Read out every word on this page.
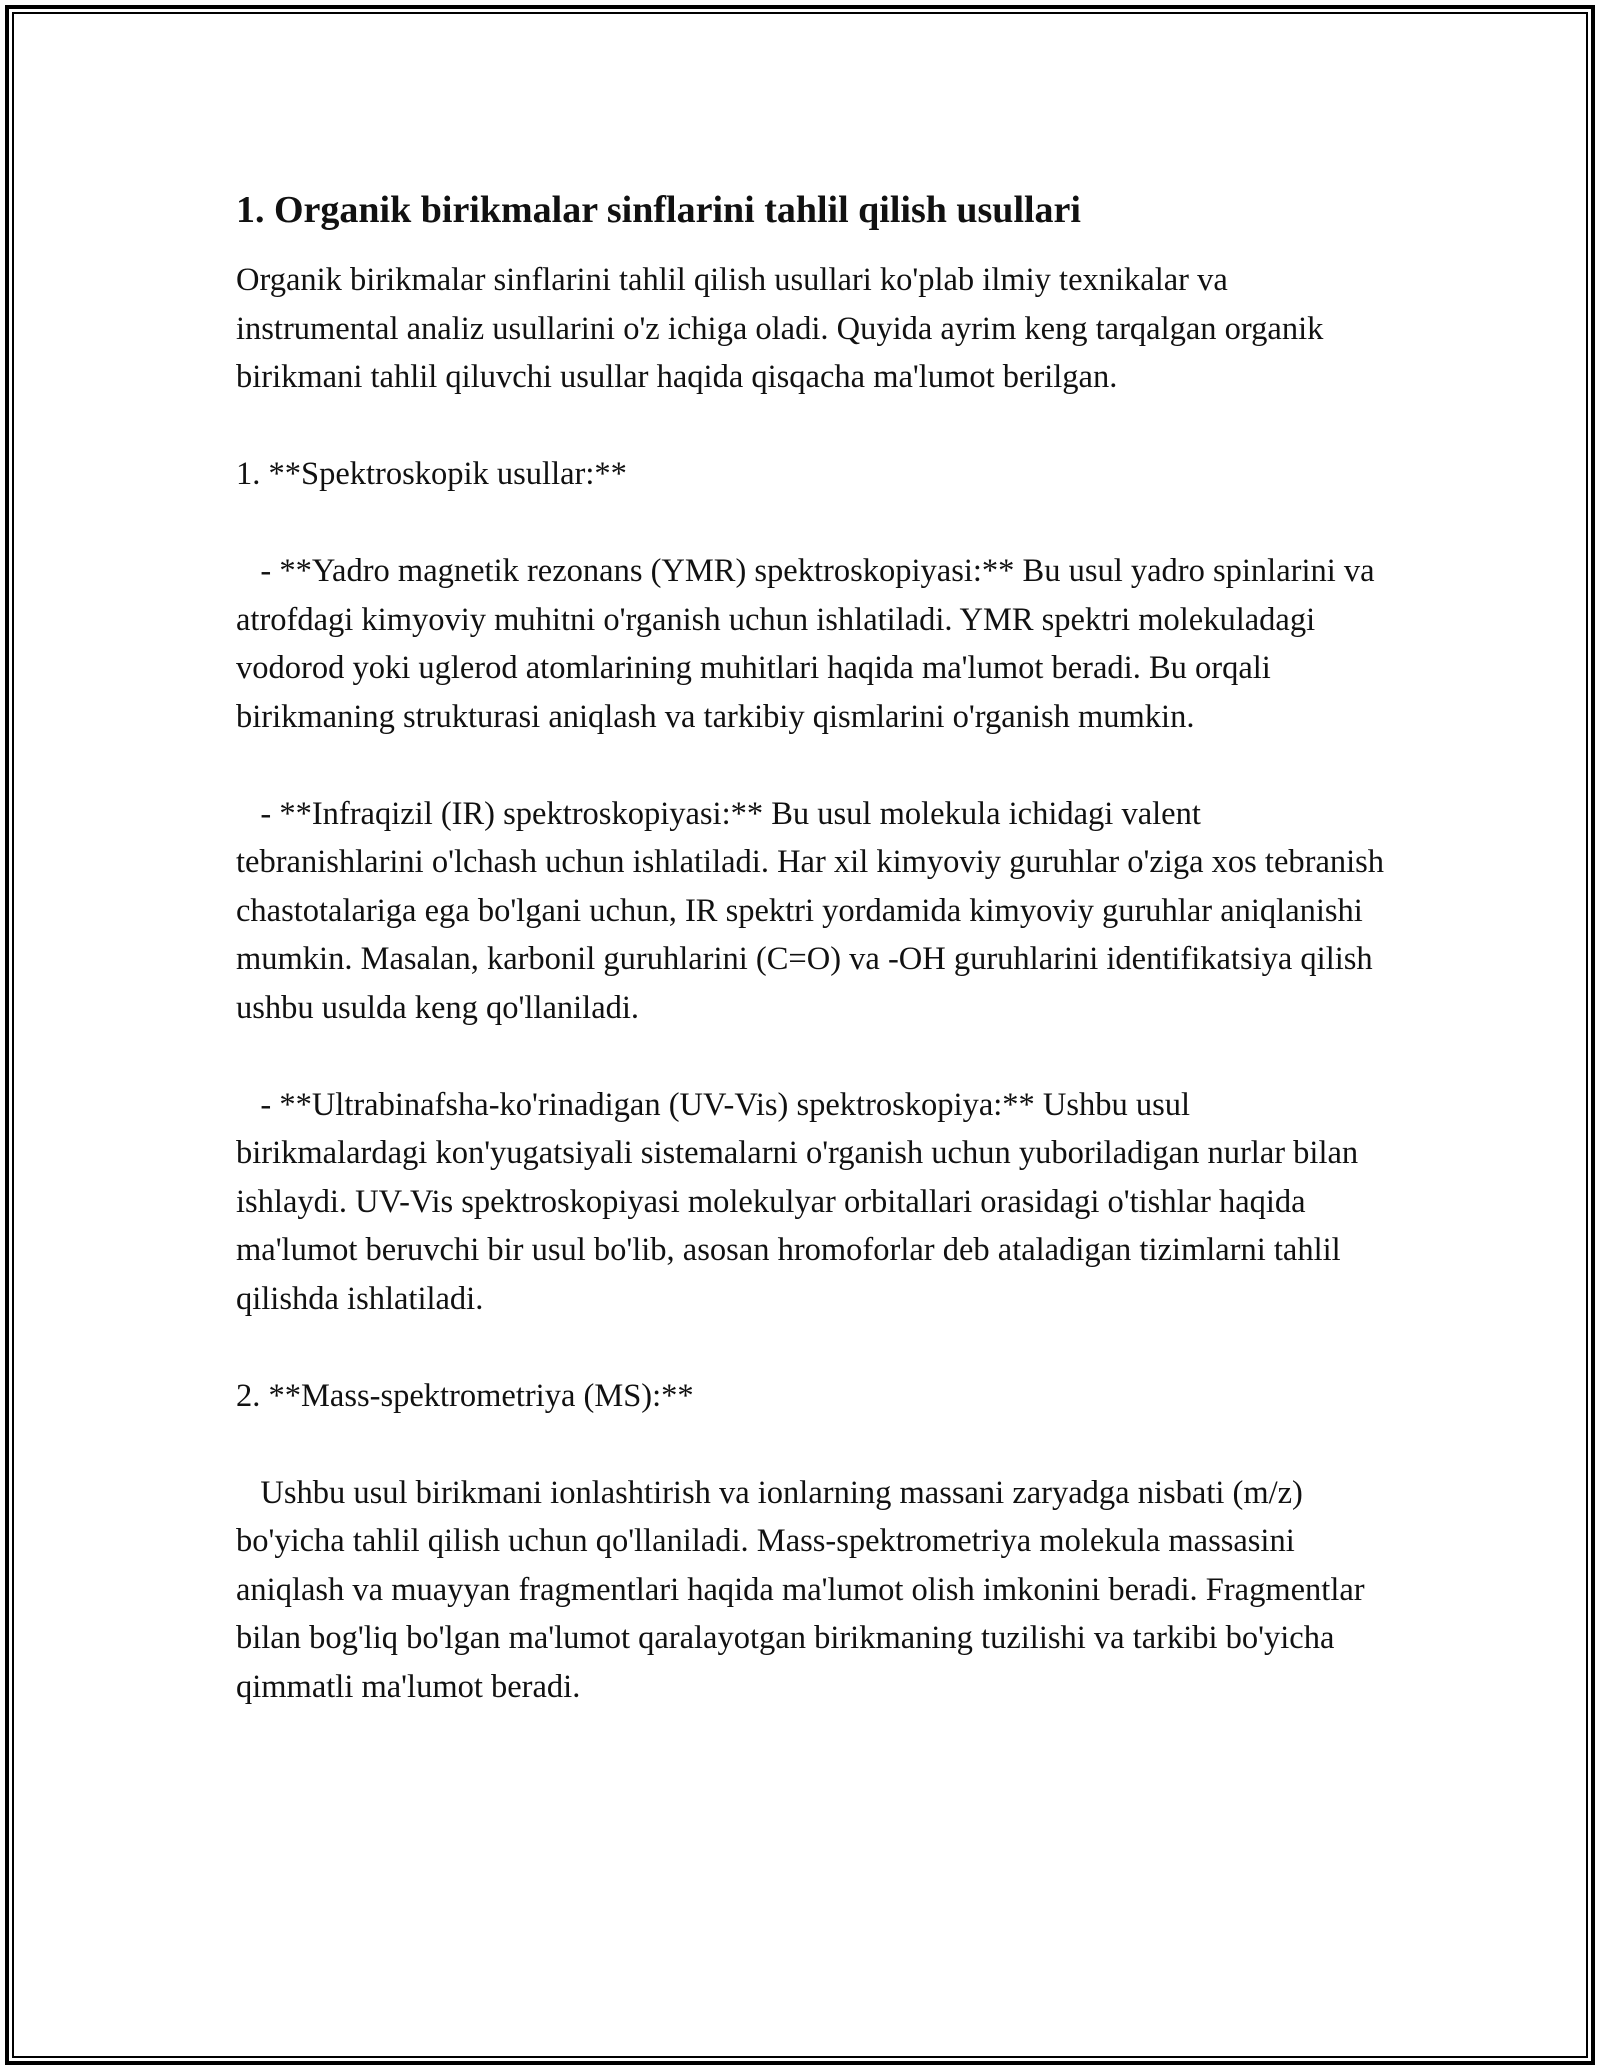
1. Organik birikmalar sinflarini tahlil qilish usullari

Organik birikmalar sinflarini tahlil qilish usullari ko'plab ilmiy texnikalar va instrumental analiz usullarini o'z ichiga oladi. Quyida ayrim keng tarqalgan organik birikmani tahlil qiluvchi usullar haqida qisqacha ma'lumot berilgan.

1. **Spektroskopik usullar:**

- **Yadro magnetik rezonans (YMR) spektroskopiyasi:** Bu usul yadro spinlarini va atrofdagi kimyoviy muhitni o'rganish uchun ishlatiladi. YMR spektri molekuladagi vodorod yoki uglerod atomlarining muhitlari haqida ma'lumot beradi. Bu orqali birikmaning strukturasi aniqlash va tarkibiy qismlarini o'rganish mumkin.

- **Infraqizil (IR) spektroskopiyasi:** Bu usul molekula ichidagi valent tebranishlarini o'lchash uchun ishlatiladi. Har xil kimyoviy guruhlar o'ziga xos tebranish chastotalariga ega bo'lgani uchun, IR spektri yordamida kimyoviy guruhlar aniqlanishi mumkin. Masalan, karbonil guruhlarini (C=O) va -OH guruhlarini identifikatsiya qilish ushbu usulda keng qo'llaniladi.

- **Ultrabinafsha-ko'rinadigan (UV-Vis) spektroskopiya:** Ushbu usul birikmalardagi kon'yugatsiyali sistemalarni o'rganish uchun yuboriladigan nurlar bilan ishlaydi. UV-Vis spektroskopiyasi molekulyar orbitallari orasidagi o'tishlar haqida ma'lumot beruvchi bir usul bo'lib, asosan hromoforlar deb ataladigan tizimlarni tahlil qilishda ishlatiladi.

2. **Mass-spektrometriya (MS):**

Ushbu usul birikmani ionlashtirish va ionlarning massani zaryadga nisbati (m/z) bo'yicha tahlil qilish uchun qo'llaniladi. Mass-spektrometriya molekula massasini aniqlash va muayyan fragmentlari haqida ma'lumot olish imkonini beradi. Fragmentlar bilan bog'liq bo'lgan ma'lumot qaralayotgan birikmaning tuzilishi va tarkibi bo'yicha qimmatli ma'lumot beradi.
